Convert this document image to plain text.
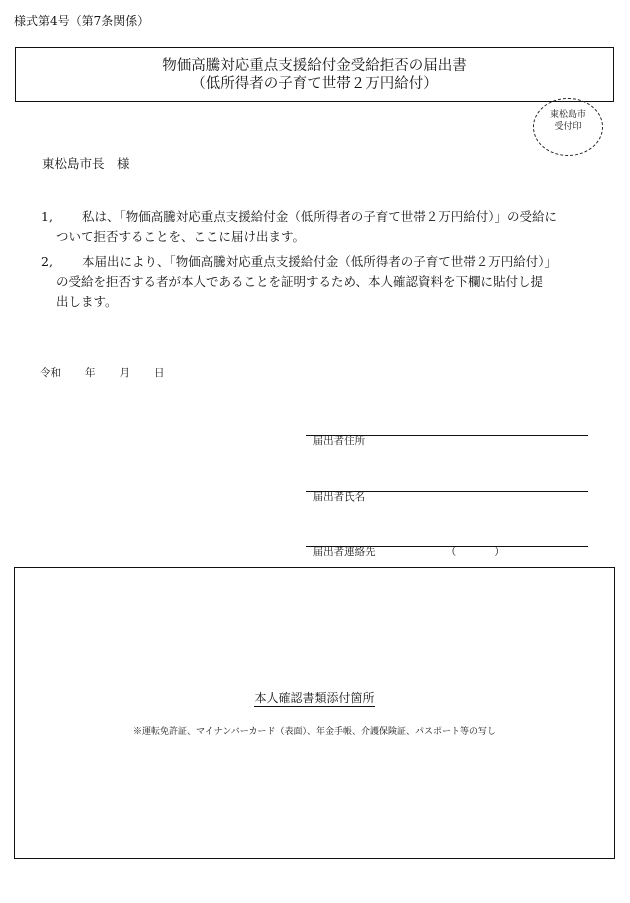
様式第4号（第7条関係）
物価高騰対応重点支援給付金受給拒否の届出書
（低所得者の子育て世帯２万円給付）
東松島市
受付印
東松島市長　様
1,	私は、「物価高騰対応重点支援給付金（低所得者の子育て世帯２万円給付）」の受給に
ついて拒否することを、ここに届け出ます。
2,	本届出により、「物価高騰対応重点支援給付金（低所得者の子育て世帯２万円給付）」
の受給を拒否する者が本人であることを証明するため、本人確認資料を下欄に貼付し提
出します。
令和 年 月 日

届出者住所

届出者氏名

届出者連絡先	（	）

本人確認書類添付箇所
※運転免許証、マイナンバーカード（表面）、年金手帳、介護保険証、パスポート等の写し
